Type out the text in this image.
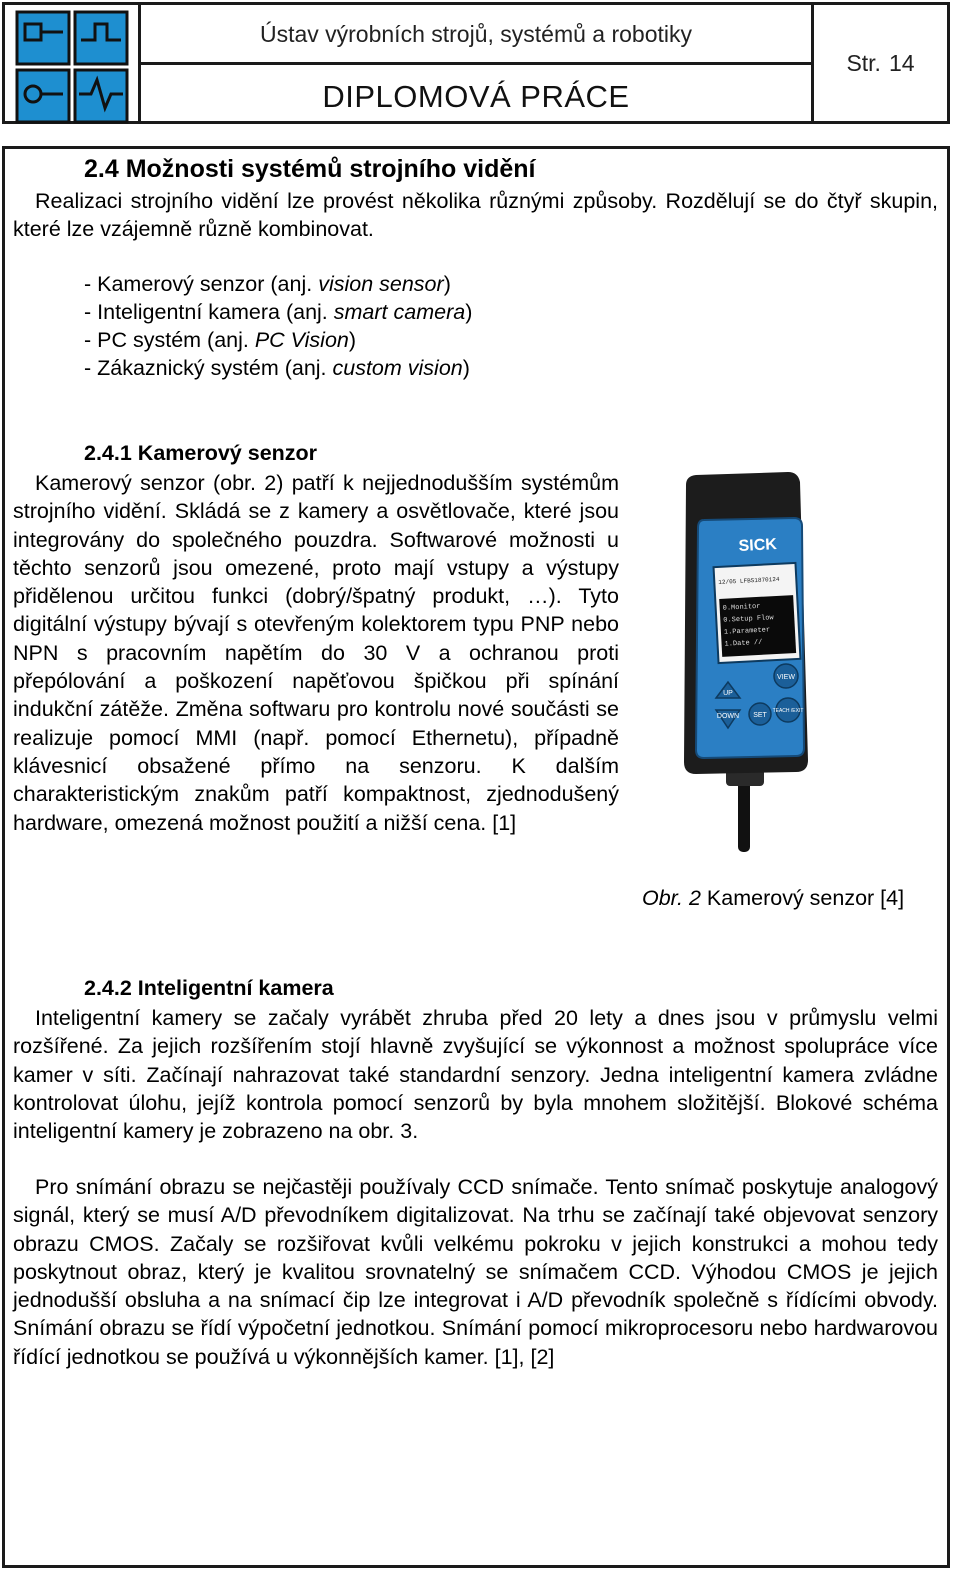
Ústav výrobních strojů, systémů a robotiky
DIPLOMOVÁ PRÁCE
Str. 14
2.4 Možnosti systémů strojního vidění

Realizaci strojního vidění lze provést několika různými způsoby. Rozdělují se do čtyř skupin, které lze vzájemně různě kombinovat.

- Kamerový senzor (anj. vision sensor)
- Inteligentní kamera (anj. smart camera)
- PC systém (anj. PC Vision)
- Zákaznický systém (anj. custom vision)
2.4.1 Kamerový senzor

Kamerový senzor (obr. 2) patří k nejjednodušším systémům strojního vidění. Skládá se z kamery a osvětlovače, které jsou integrovány do společného pouzdra. Softwarové možnosti u těchto senzorů jsou omezené, proto mají vstupy a výstupy přidělenou určitou funkci (dobrý/špatný produkt, …). Tyto digitální výstupy bývají s otevřeným kolektorem typu PNP nebo NPN s pracovním napětím do 30 V a ochranou proti přepólování a poškození napěťovou špičkou při spínání indukční zátěže. Změna softwaru pro kontrolu nové součásti se realizuje pomocí MMI (např. pomocí Ethernetu), případně klávesnicí obsažené přímo na senzoru. K dalším charakteristickým znakům patří kompaktnost, zjednodušený hardware, omezená možnost použití a nižší cena. [1]

SICK
12/05 LFBS1870124
0.Monitor
0.Setup Flow
1.Parameter
1.Date //
UP
DOWN SET
VIEW
TEACH /EXIT
Obr. 2 Kamerový senzor [4]
2.4.2 Inteligentní kamera

Inteligentní kamery se začaly vyrábět zhruba před 20 lety a dnes jsou v průmyslu velmi rozšířené. Za jejich rozšířením stojí hlavně zvyšující se výkonnost a možnost spolupráce více kamer v síti. Začínají nahrazovat také standardní senzory. Jedna inteligentní kamera zvládne kontrolovat úlohu, jejíž kontrola pomocí senzorů by byla mnohem složitější. Blokové schéma inteligentní kamery je zobrazeno na obr. 3.

Pro snímání obrazu se nejčastěji používaly CCD snímače. Tento snímač poskytuje analogový signál, který se musí A/D převodníkem digitalizovat. Na trhu se začínají také objevovat senzory obrazu CMOS. Začaly se rozšiřovat kvůli velkému pokroku v jejich konstrukci a mohou tedy poskytnout obraz, který je kvalitou srovnatelný se snímačem CCD. Výhodou CMOS je jejich jednodušší obsluha a na snímací čip lze integrovat i A/D převodník společně s řídícími obvody. Snímání obrazu se řídí výpočetní jednotkou. Snímání pomocí mikroprocesoru nebo hardwarovou řídící jednotkou se používá u výkonnějších kamer. [1], [2]
